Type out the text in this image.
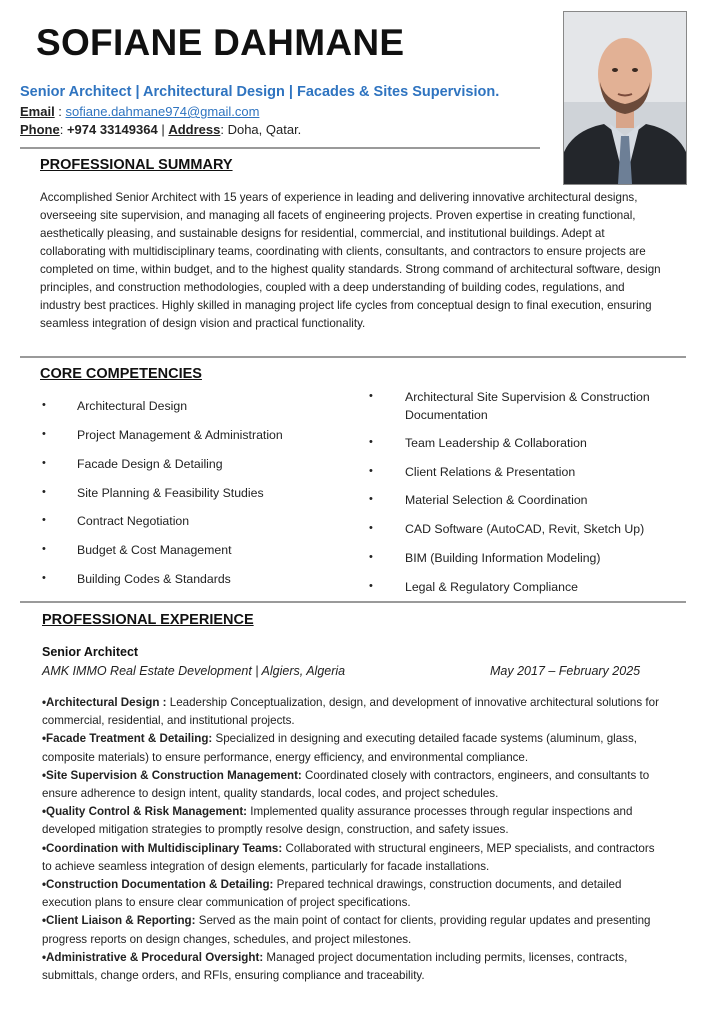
SOFIANE DAHMANE
Senior Architect | Architectural Design | Facades & Sites Supervision.
Email : sofiane.dahmane974@gmail.com
Phone: +974 33149364 | Address: Doha, Qatar.
PROFESSIONAL SUMMARY
Accomplished Senior Architect with 15 years of experience in leading and delivering innovative architectural designs, overseeing site supervision, and managing all facets of engineering projects. Proven expertise in creating functional, aesthetically pleasing, and sustainable designs for residential, commercial, and institutional buildings. Adept at collaborating with multidisciplinary teams, coordinating with clients, consultants, and contractors to ensure projects are completed on time, within budget, and to the highest quality standards. Strong command of architectural software, design principles, and construction methodologies, coupled with a deep understanding of building codes, regulations, and industry best practices. Highly skilled in managing project life cycles from conceptual design to final execution, ensuring seamless integration of design vision and practical functionality.
CORE COMPETENCIES
•	Architectural Design
•	Project Management & Administration
•	Facade Design & Detailing
•	Site Planning & Feasibility Studies
•	Contract Negotiation
•	Budget & Cost Management
•	Building Codes & Standards
•	Architectural Site Supervision & Construction Documentation
•	Team Leadership & Collaboration
•	Client Relations & Presentation
•	Material Selection & Coordination
•	CAD Software (AutoCAD, Revit, Sketch Up)
•	BIM (Building Information Modeling)
•	Legal & Regulatory Compliance
PROFESSIONAL EXPERIENCE
Senior Architect
AMK IMMO Real Estate Development | Algiers, Algeria	May 2017 – February 2025
•Architectural Design : Leadership Conceptualization, design, and development of innovative architectural solutions for commercial, residential, and institutional projects.
•Facade Treatment & Detailing: Specialized in designing and executing detailed facade systems (aluminum, glass, composite materials) to ensure performance, energy efficiency, and environmental compliance.
•Site Supervision & Construction Management: Coordinated closely with contractors, engineers, and consultants to ensure adherence to design intent, quality standards, local codes, and project schedules.
•Quality Control & Risk Management: Implemented quality assurance processes through regular inspections and developed mitigation strategies to promptly resolve design, construction, and safety issues.
•Coordination with Multidisciplinary Teams: Collaborated with structural engineers, MEP specialists, and contractors to achieve seamless integration of design elements, particularly for facade installations.
•Construction Documentation & Detailing: Prepared technical drawings, construction documents, and detailed execution plans to ensure clear communication of project specifications.
•Client Liaison & Reporting: Served as the main point of contact for clients, providing regular updates and presenting progress reports on design changes, schedules, and project milestones.
•Administrative & Procedural Oversight: Managed project documentation including permits, licenses, contracts, submittals, change orders, and RFIs, ensuring compliance and traceability.
